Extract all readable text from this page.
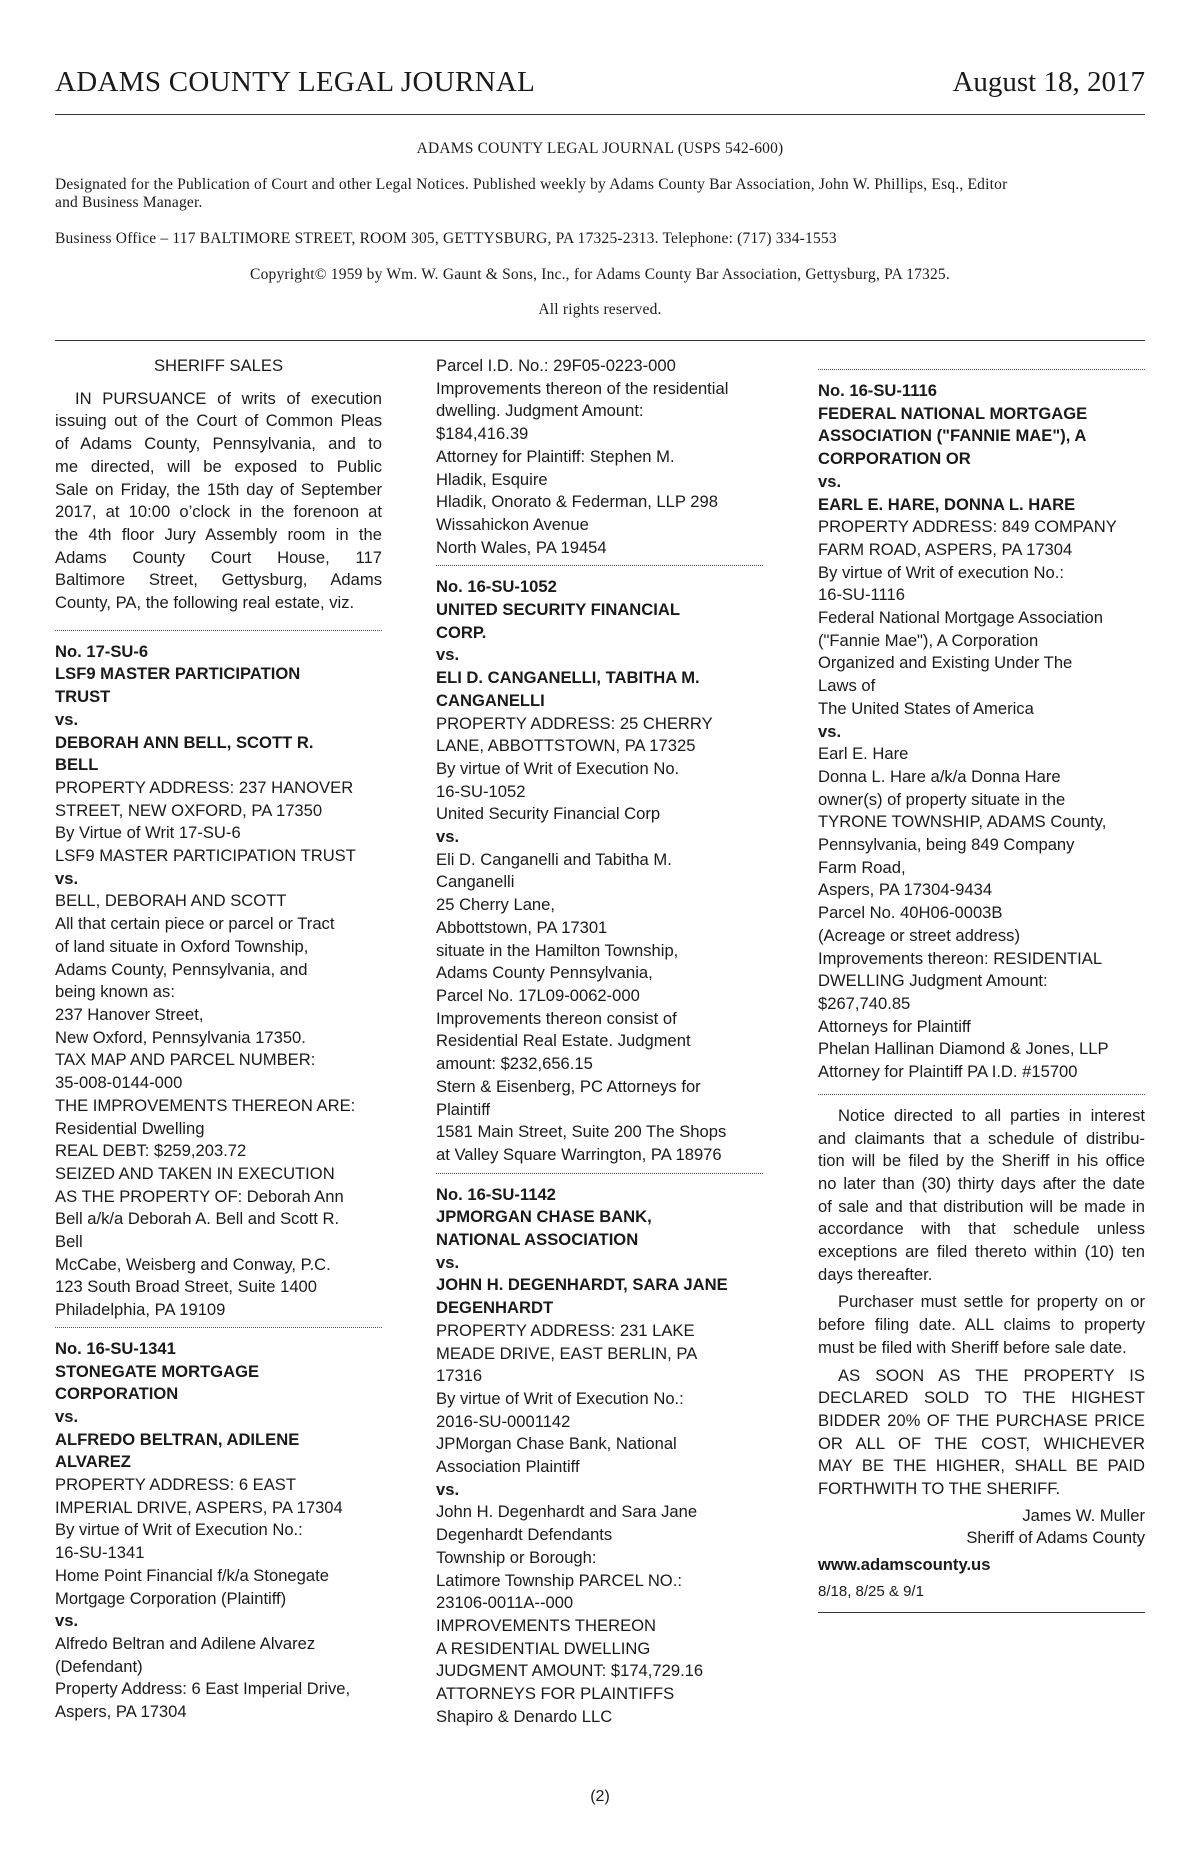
ADAMS COUNTY LEGAL JOURNAL	August 18, 2017
ADAMS COUNTY LEGAL JOURNAL (USPS 542-600)
Designated for the Publication of Court and other Legal Notices. Published weekly by Adams County Bar Association, John W. Phillips, Esq., Editor and Business Manager.
Business Office – 117 BALTIMORE STREET, ROOM 305, GETTYSBURG, PA 17325-2313. Telephone: (717) 334-1553
Copyright© 1959 by Wm. W. Gaunt & Sons, Inc., for Adams County Bar Association, Gettysburg, PA 17325.
All rights reserved.
SHERIFF SALES
IN PURSUANCE of writs of execution
issuing out of the Court of Common Pleas
of Adams County, Pennsylvania, and to
me directed, will be exposed to Public
Sale on Friday, the 15th day of September
2017, at 10:00 o’clock in the forenoon at
the 4th floor Jury Assembly room in the
Adams County Court House, 117
Baltimore Street, Gettysburg, Adams
County, PA, the following real estate, viz.
No. 17-SU-6
LSF9 MASTER PARTICIPATION
TRUST
vs.
DEBORAH ANN BELL, SCOTT R.
BELL
PROPERTY ADDRESS: 237 HANOVER
STREET, NEW OXFORD, PA 17350
By Virtue of Writ 17-SU-6
LSF9 MASTER PARTICIPATION TRUST
vs.
BELL, DEBORAH AND SCOTT
All that certain piece or parcel or Tract
of land situate in Oxford Township,
Adams County, Pennsylvania, and
being known as:
237 Hanover Street,
New Oxford, Pennsylvania 17350.
TAX MAP AND PARCEL NUMBER:
35-008-0144-000
THE IMPROVEMENTS THEREON ARE:
Residential Dwelling
REAL DEBT: $259,203.72
SEIZED AND TAKEN IN EXECUTION
AS THE PROPERTY OF: Deborah Ann
Bell a/k/a Deborah A. Bell and Scott R.
Bell
McCabe, Weisberg and Conway, P.C.
123 South Broad Street, Suite 1400
Philadelphia, PA 19109
No. 16-SU-1341
STONEGATE MORTGAGE
CORPORATION
vs.
ALFREDO BELTRAN, ADILENE
ALVAREZ
PROPERTY ADDRESS: 6 EAST
IMPERIAL DRIVE, ASPERS, PA 17304
By virtue of Writ of Execution No.:
16-SU-1341
Home Point Financial f/k/a Stonegate
Mortgage Corporation (Plaintiff)
vs.
Alfredo Beltran and Adilene Alvarez
(Defendant)
Property Address: 6 East Imperial Drive,
Aspers, PA 17304
Parcel I.D. No.: 29F05-0223-000
Improvements thereon of the residential
dwelling. Judgment Amount:
$184,416.39
Attorney for Plaintiff: Stephen M.
Hladik, Esquire
Hladik, Onorato & Federman, LLP 298
Wissahickon Avenue
North Wales, PA 19454
No. 16-SU-1052
UNITED SECURITY FINANCIAL
CORP.
vs.
ELI D. CANGANELLI, TABITHA M.
CANGANELLI
PROPERTY ADDRESS: 25 CHERRY
LANE, ABBOTTSTOWN, PA 17325
By virtue of Writ of Execution No.
16-SU-1052
United Security Financial Corp
vs.
Eli D. Canganelli and Tabitha M.
Canganelli
25 Cherry Lane,
Abbottstown, PA 17301
situate in the Hamilton Township,
Adams County Pennsylvania,
Parcel No. 17L09-0062-000
Improvements thereon consist of
Residential Real Estate. Judgment
amount: $232,656.15
Stern & Eisenberg, PC Attorneys for
Plaintiff
1581 Main Street, Suite 200 The Shops
at Valley Square Warrington, PA 18976
No. 16-SU-1142
JPMORGAN CHASE BANK,
NATIONAL ASSOCIATION
vs.
JOHN H. DEGENHARDT, SARA JANE
DEGENHARDT
PROPERTY ADDRESS: 231 LAKE
MEADE DRIVE, EAST BERLIN, PA
17316
By virtue of Writ of Execution No.:
2016-SU-0001142
JPMorgan Chase Bank, National
Association Plaintiff
vs.
John H. Degenhardt and Sara Jane
Degenhardt Defendants
Township or Borough:
Latimore Township PARCEL NO.:
23106-0011A--000
IMPROVEMENTS THEREON
A RESIDENTIAL DWELLING
JUDGMENT AMOUNT: $174,729.16
ATTORNEYS FOR PLAINTIFFS
Shapiro & Denardo LLC
No. 16-SU-1116
FEDERAL NATIONAL MORTGAGE
ASSOCIATION ("FANNIE MAE"), A
CORPORATION OR
vs.
EARL E. HARE, DONNA L. HARE
PROPERTY ADDRESS: 849 COMPANY
FARM ROAD, ASPERS, PA 17304
By virtue of Writ of execution No.:
16-SU-1116
Federal National Mortgage Association
("Fannie Mae"), A Corporation
Organized and Existing Under The
Laws of
The United States of America
vs.
Earl E. Hare
Donna L. Hare a/k/a Donna Hare
owner(s) of property situate in the
TYRONE TOWNSHIP, ADAMS County,
Pennsylvania, being 849 Company
Farm Road,
Aspers, PA 17304-9434
Parcel No. 40H06-0003B
(Acreage or street address)
Improvements thereon: RESIDENTIAL
DWELLING Judgment Amount:
$267,740.85
Attorneys for Plaintiff
Phelan Hallinan Diamond & Jones, LLP
Attorney for Plaintiff PA I.D. #15700
Notice directed to all parties in interest
and claimants that a schedule of distribu-
tion will be filed by the Sheriff in his office
no later than (30) thirty days after the date
of sale and that distribution will be made in
accordance with that schedule unless
exceptions are filed thereto within (10) ten
days thereafter.
Purchaser must settle for property on or
before filing date. ALL claims to property
must be filed with Sheriff before sale date.
AS SOON AS THE PROPERTY IS
DECLARED SOLD TO THE HIGHEST
BIDDER 20% OF THE PURCHASE PRICE
OR ALL OF THE COST, WHICHEVER
MAY BE THE HIGHER, SHALL BE PAID
FORTHWITH TO THE SHERIFF.
James W. Muller
Sheriff of Adams County
www.adamscounty.us
8/18, 8/25 & 9/1
(2)
